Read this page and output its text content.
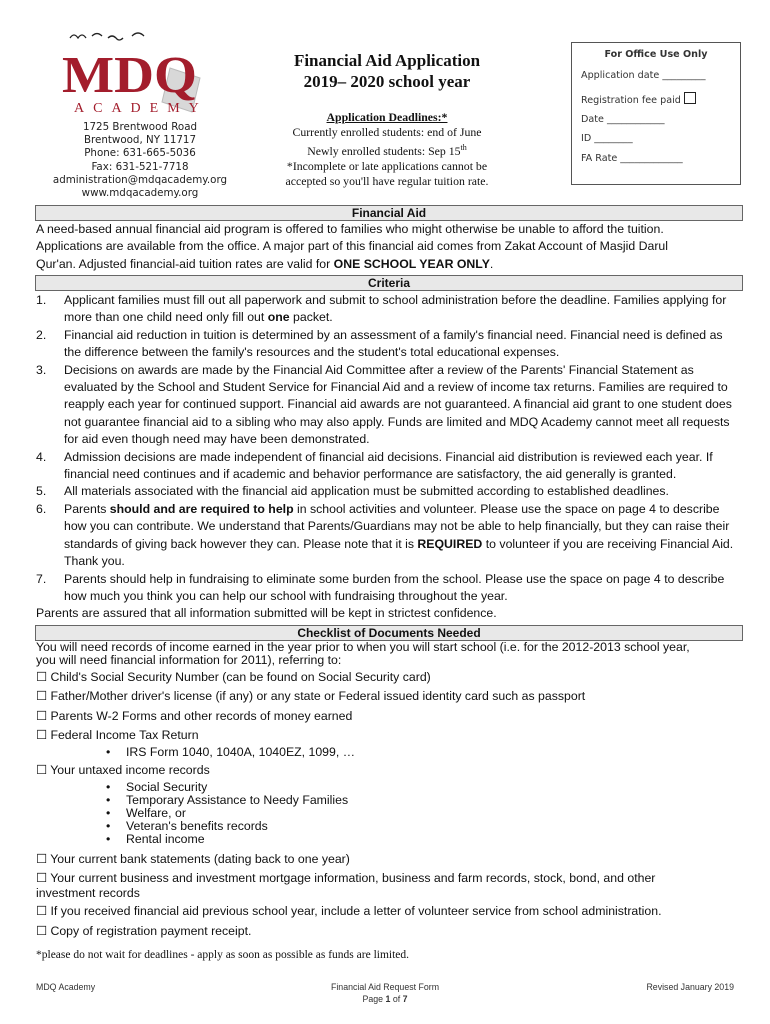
MDQ
ACADEMY
1725 Brentwood Road
Brentwood, NY 11717
Phone: 631-665-5036
Fax: 631-521-7718
administration@mdqacademy.org
www.mdqacademy.org
Financial Aid Application
2019– 2020 school year
Application Deadlines:*
Currently enrolled students: end of June
Newly enrolled students: Sep 15th
*Incomplete or late applications cannot be
accepted so you'll have regular tuition rate.
For Office Use Only
Application date _________
Registration fee paid
Date ____________
ID ________
FA Rate _____________
Financial Aid
A need-based annual financial aid program is offered to families who might otherwise be unable to afford the tuition.
Applications are available from the office. A major part of this financial aid comes from Zakat Account of Masjid Darul
Qur'an. Adjusted financial-aid tuition rates are valid for ONE SCHOOL YEAR ONLY.
Criteria
1. Applicant families must fill out all paperwork and submit to school administration before the deadline. Families applying for more than one child need only fill out one packet.
2. Financial aid reduction in tuition is determined by an assessment of a family's financial need. Financial need is defined as the difference between the family's resources and the student's total educational expenses.
3. Decisions on awards are made by the Financial Aid Committee after a review of the Parents' Financial Statement as evaluated by the School and Student Service for Financial Aid and a review of income tax returns. Families are required to reapply each year for continued support. Financial aid awards are not guaranteed. A financial aid grant to one student does not guarantee financial aid to a sibling who may also apply. Funds are limited and MDQ Academy cannot meet all requests for aid even though need may have been demonstrated.
4. Admission decisions are made independent of financial aid decisions. Financial aid distribution is reviewed each year. If financial need continues and if academic and behavior performance are satisfactory, the aid generally is granted.
5. All materials associated with the financial aid application must be submitted according to established deadlines.
6. Parents should and are required to help in school activities and volunteer. Please use the space on page 4 to describe how you can contribute. We understand that Parents/Guardians may not be able to help financially, but they can raise their standards of giving back however they can. Please note that it is REQUIRED to volunteer if you are receiving Financial Aid. Thank you.
7. Parents should help in fundraising to eliminate some burden from the school. Please use the space on page 4 to describe how much you think you can help our school with fundraising throughout the year.
Parents are assured that all information submitted will be kept in strictest confidence.
Checklist of Documents Needed
You will need records of income earned in the year prior to when you will start school (i.e. for the 2012-2013 school year,
you will need financial information for 2011), referring to:
☐ Child's Social Security Number (can be found on Social Security card)
☐ Father/Mother driver's license (if any) or any state or Federal issued identity card such as passport
☐ Parents W-2 Forms and other records of money earned
☐ Federal Income Tax Return
• IRS Form 1040, 1040A, 1040EZ, 1099, …
☐ Your untaxed income records
• Social Security
• Temporary Assistance to Needy Families
• Welfare, or
• Veteran's benefits records
• Rental income
☐ Your current bank statements (dating back to one year)
☐ Your current business and investment mortgage information, business and farm records, stock, bond, and other
investment records
☐ If you received financial aid previous school year, include a letter of volunteer service from school administration.
☐ Copy of registration payment receipt.
*please do not wait for deadlines - apply as soon as possible as funds are limited.
MDQ Academy	Financial Aid Request Form
Page 1 of 7
Revised January 2019
